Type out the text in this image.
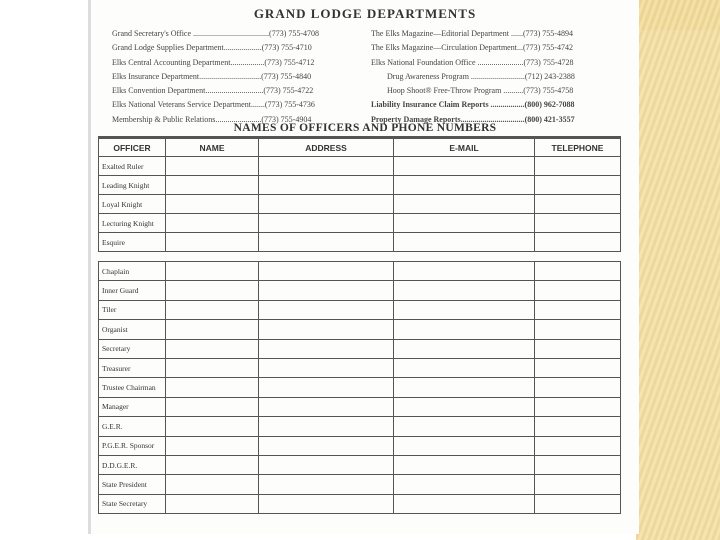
GRAND LODGE DEPARTMENTS
Grand Secretary's Office ......................................(773) 755-4708
Grand Lodge Supplies Department...................(773) 755-4710
Elks Central Accounting Department.................(773) 755-4712
Elks Insurance Department...............................(773) 755-4840
Elks Convention Department.............................(773) 755-4722
Elks National Veterans Service Department.......(773) 755-4736
Membership & Public Relations.......................(773) 755-4904
The Elks Magazine—Editorial Department ......(773) 755-4894
The Elks Magazine—Circulation Department...(773) 755-4742
Elks National Foundation Office .......................(773) 755-4728
Drug Awareness Program ...........................(712) 243-2388
Hoop Shoot® Free-Throw Program ..........(773) 755-4758
Liability Insurance Claim Reports .................(800) 962-7088
Property Damage Reports................................(800) 421-3557
NAMES OF OFFICERS AND PHONE NUMBERS
OFFICER	NAME	ADDRESS	E-MAIL	TELEPHONE
Exalted Ruler				
Leading Knight				
Loyal Knight				
Lecturing Knight				
Esquire				
Chaplain				
Inner Guard				
Tiler				
Organist				
Secretary				
Treasurer				
Trustee Chairman				
Manager				
G.E.R.				
P.G.E.R. Sponsor				
D.D.G.E.R.				
State President				
State Secretary				
